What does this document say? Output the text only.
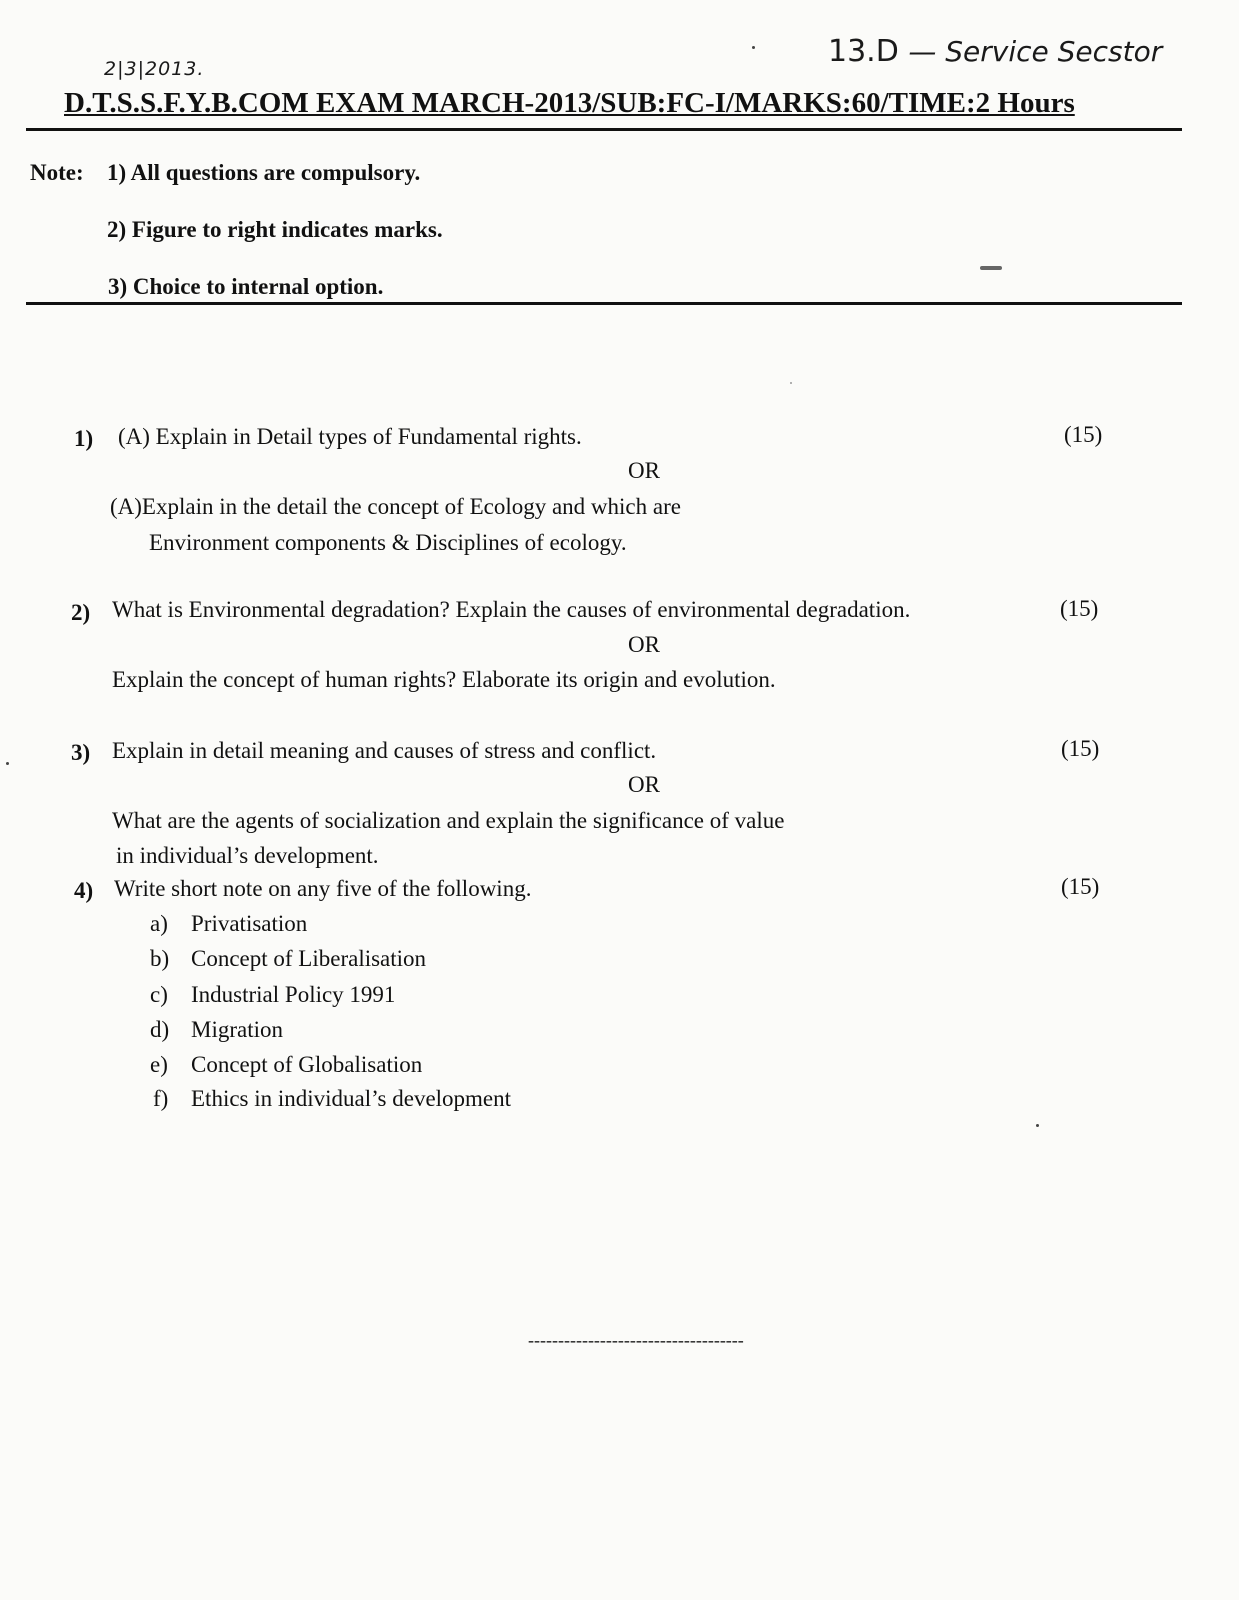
2|3|2013.	13.D — Service Secstor
D.T.S.S.F.Y.B.COM EXAM MARCH-2013/SUB:FC-I/MARKS:60/TIME:2 Hours
Note: 1) All questions are compulsory.
2) Figure to right indicates marks.
3) Choice to internal option.
1) (A) Explain in Detail types of Fundamental rights.	(15)
OR
(A)Explain in the detail the concept of Ecology and which are
Environment components & Disciplines of ecology.
2) What is Environmental degradation? Explain the causes of environmental degradation.	(15)
OR
Explain the concept of human rights? Elaborate its origin and evolution.
3) Explain in detail meaning and causes of stress and conflict.	(15)
OR
What are the agents of socialization and explain the significance of value
in individual’s development.
4) Write short note on any five of the following.	(15)
a) Privatisation
b) Concept of Liberalisation
c) Industrial Policy 1991
d) Migration
e) Concept of Globalisation
f) Ethics in individual’s development
------------------------------------
